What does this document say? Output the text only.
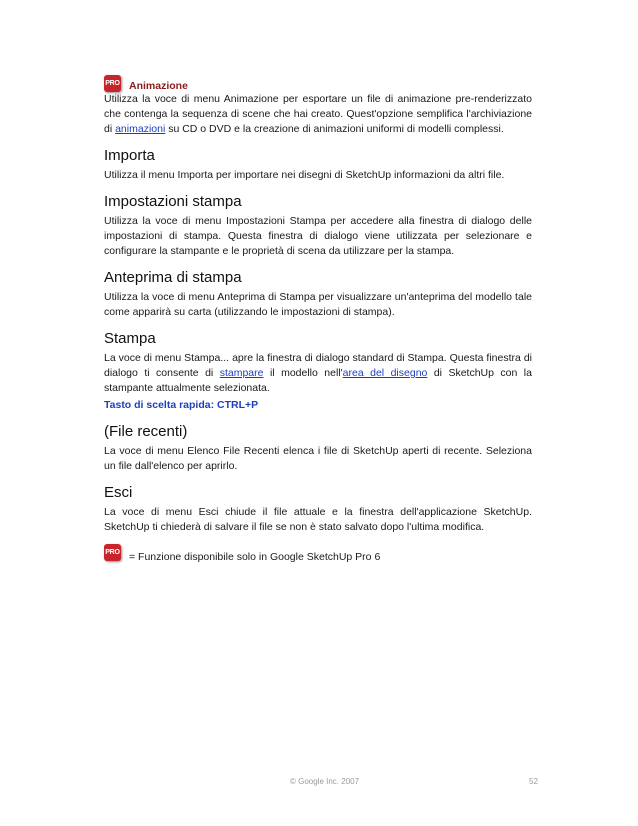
PRO Animazione

Utilizza la voce di menu Animazione per esportare un file di animazione pre-renderizzato che contenga la sequenza di scene che hai creato. Quest'opzione semplifica l'archiviazione di animazioni su CD o DVD e la creazione di animazioni uniformi di modelli complessi.

Importa

Utilizza il menu Importa per importare nei disegni di SketchUp informazioni da altri file.

Impostazioni stampa

Utilizza la voce di menu Impostazioni Stampa per accedere alla finestra di dialogo delle impostazioni di stampa. Questa finestra di dialogo viene utilizzata per selezionare e configurare la stampante e le proprietà di scena da utilizzare per la stampa.

Anteprima di stampa

Utilizza la voce di menu Anteprima di Stampa per visualizzare un'anteprima del modello tale come apparirà su carta (utilizzando le impostazioni di stampa).

Stampa

La voce di menu Stampa... apre la finestra di dialogo standard di Stampa. Questa finestra di dialogo ti consente di stampare il modello nell'area del disegno di SketchUp con la stampante attualmente selezionata.

Tasto di scelta rapida: CTRL+P

(File recenti)

La voce di menu Elenco File Recenti elenca i file di SketchUp aperti di recente. Seleziona un file dall'elenco per aprirlo.

Esci

La voce di menu Esci chiude il file attuale e la finestra dell'applicazione SketchUp. SketchUp ti chiederà di salvare il file se non è stato salvato dopo l'ultima modifica.

PRO = Funzione disponibile solo in Google SketchUp Pro 6
© Google Inc. 2007	52
